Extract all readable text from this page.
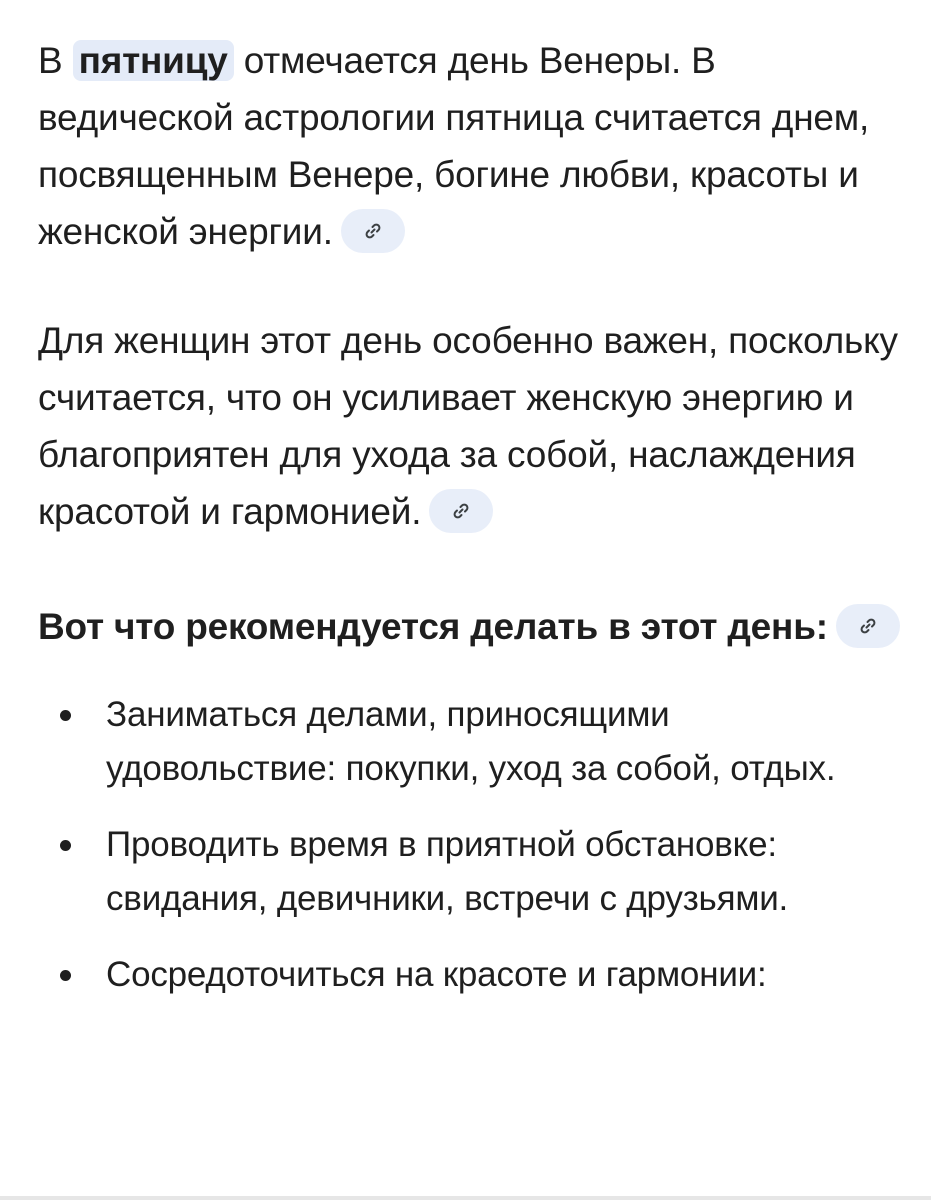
В пятницу отмечается день Венеры. В ведической астрологии пятница считается днем, посвященным Венере, богине любви, красоты и женской энергии.

Для женщин этот день особенно важен, поскольку считается, что он усиливает женскую энергию и благоприятен для ухода за собой, наслаждения красотой и гармонией.

Вот что рекомендуется делать в этот день:
Заниматься делами, приносящими удовольствие: покупки, уход за собой, отдых.
Проводить время в приятной обстановке: свидания, девичники, встречи с друзьями.
Сосредоточиться на красоте и гармонии:
